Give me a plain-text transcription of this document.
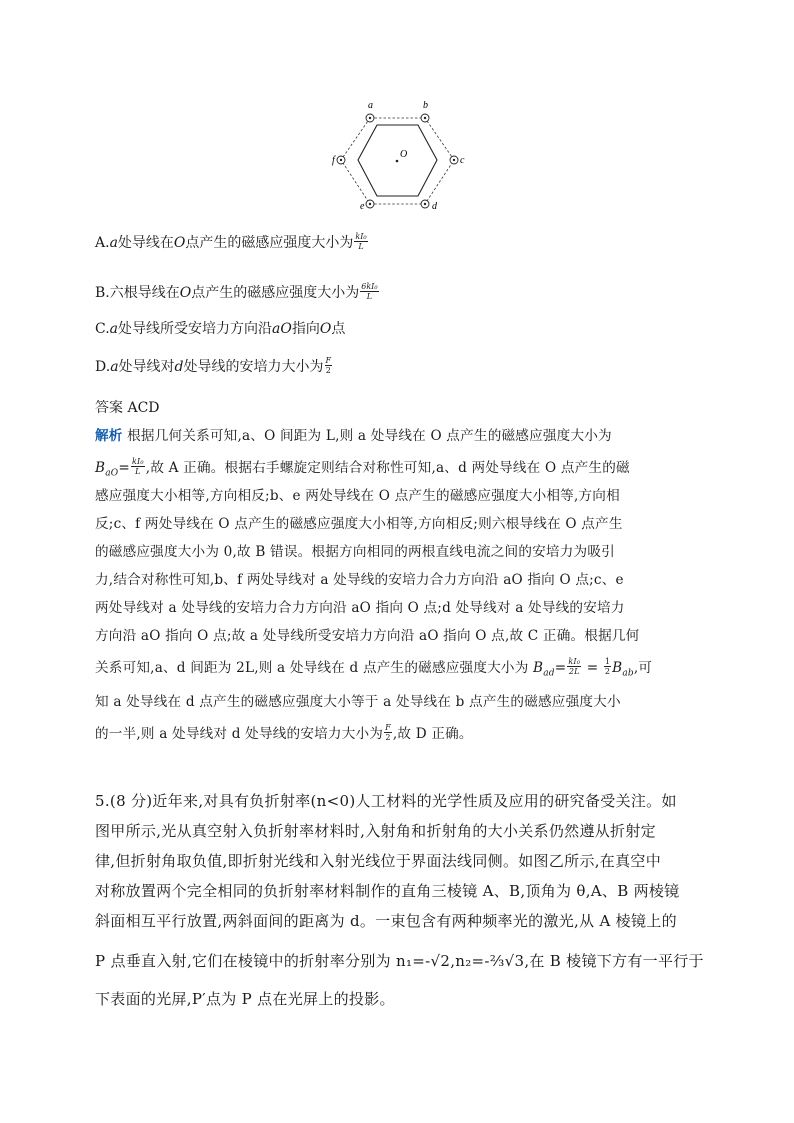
a	b
c
d
e
f
O
A.a处导线在O点产生的磁感应强度大小为 $\frac{\text{kI₀}}{L}$
B.六根导线在O点产生的磁感应强度大小为 $\frac{\text{6kI₀}}{L}$
C.a处导线所受安培力方向沿aO指向O点
D.a处导线对d处导线的安培力大小为 $\frac{F}{2}$
答案 ACD
解析 根据几何关系可知,a、O 间距为 L,则 a 处导线在 O 点产生的磁感应强度大小为
$B_{aO}= \frac{\text{kI₀}}{L}$ ,故 A 正确。根据右手螺旋定则结合对称性可知,a、d 两处导线在 O 点产生的磁
感应强度大小相等,方向相反;b、e 两处导线在 O 点产生的磁感应强度大小相等,方向相
反;c、f 两处导线在 O 点产生的磁感应强度大小相等,方向相反;则六根导线在 O 点产生
的磁感应强度大小为 0,故 B 错误。根据方向相同的两根直线电流之间的安培力为吸引
力,结合对称性可知,b、f 两处导线对 a 处导线的安培力合力方向沿 aO 指向 O 点;c、e
两处导线对 a 处导线的安培力合力方向沿 aO 指向 O 点;d 处导线对 a 处导线的安培力
方向沿 aO 指向 O 点;故 a 处导线所受安培力方向沿 aO 指向 O 点,故 C 正确。根据几何
关系可知,a、d 间距为 2L,则 a 处导线在 d 点产生的磁感应强度大小为 $B_{ad}= \frac{\text{kI₀}}{2L} = \frac{1}{2} B_{ab}$,可
知 a 处导线在 d 点产生的磁感应强度大小等于 a 处导线在 b 点产生的磁感应强度大小
的一半,则 a 处导线对 d 处导线的安培力大小为 $\frac{F}{2}$ ,故 D 正确。
5.(8 分)近年来,对具有负折射率(n<0)人工材料的光学性质及应用的研究备受关注。如
图甲所示,光从真空射入负折射率材料时,入射角和折射角的大小关系仍然遵从折射定
律,但折射角取负值,即折射光线和入射光线位于界面法线同侧。如图乙所示,在真空中
对称放置两个完全相同的负折射率材料制作的直角三棱镜 A、B,顶角为 θ,A、B 两棱镜
斜面相互平行放置,两斜面间的距离为 d。一束包含有两种频率光的激光,从 A 棱镜上的
P 点垂直入射,它们在棱镜中的折射率分别为 n₁=-√2,n₂=-⅔√3,在 B 棱镜下方有一平行于
下表面的光屏,P′点为 P 点在光屏上的投影。
